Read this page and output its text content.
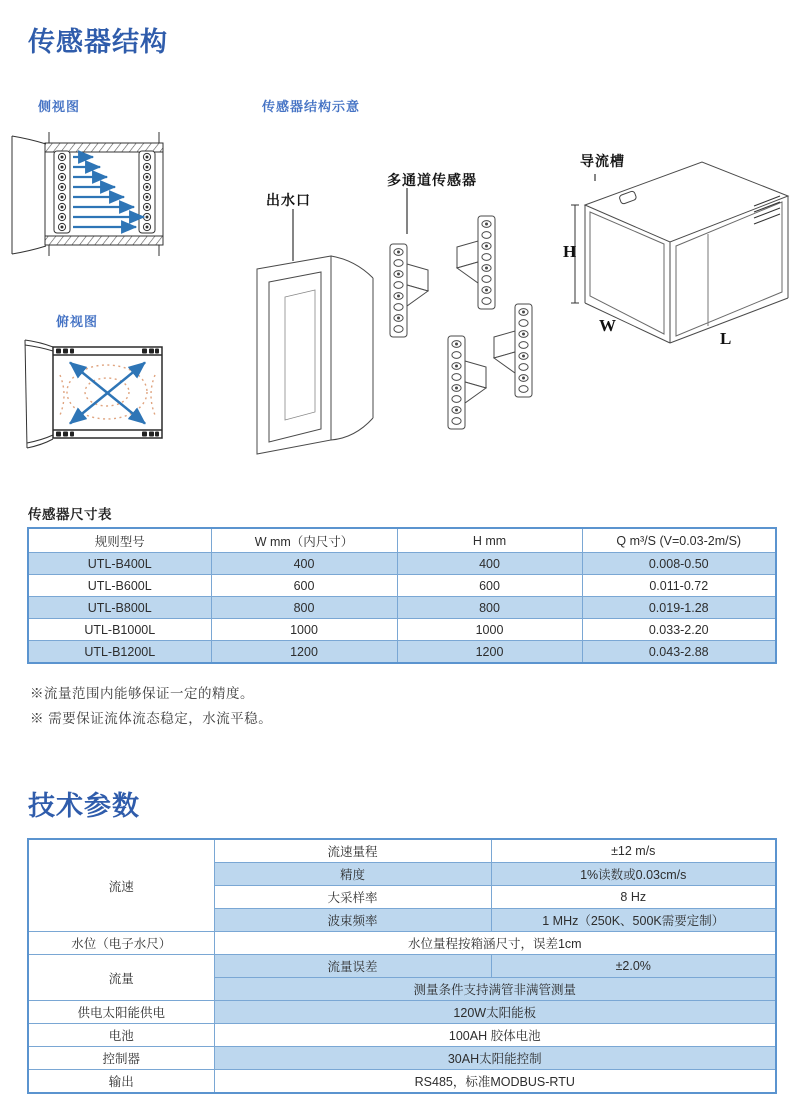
传感器结构
侧视图	传感器结构示意
俯视图
出水口
多通道传感器
导流槽
H
W
L
传感器尺寸表
规则型号	W mm（内尺寸）	H mm	Q m³/S (V=0.03-2m/S)
UTL-B400L	400	400	0.008-0.50
UTL-B600L	600	600	0.011-0.72
UTL-B800L	800	800	0.019-1.28
UTL-B1000L	1000	1000	0.033-2.20
UTL-B1200L	1200	1200	0.043-2.88
※流量范围内能够保证一定的精度。
※ 需要保证流体流态稳定，水流平稳。
技术参数
流速	流速量程	±12 m/s
	精度	1%读数或0.03cm/s
	大采样率	8 Hz
	波束频率	1 MHz（250K、500K需要定制）
水位（电子水尺）	水位量程按箱涵尺寸，误差1cm	
流量	流量误差	±2.0%
	测量条件支持满管非满管测量	
供电太阳能供电	120W太阳能板	
电池	100AH 胶体电池	
控制器	30AH太阳能控制	
输出	RS485，标准MODBUS-RTU	
